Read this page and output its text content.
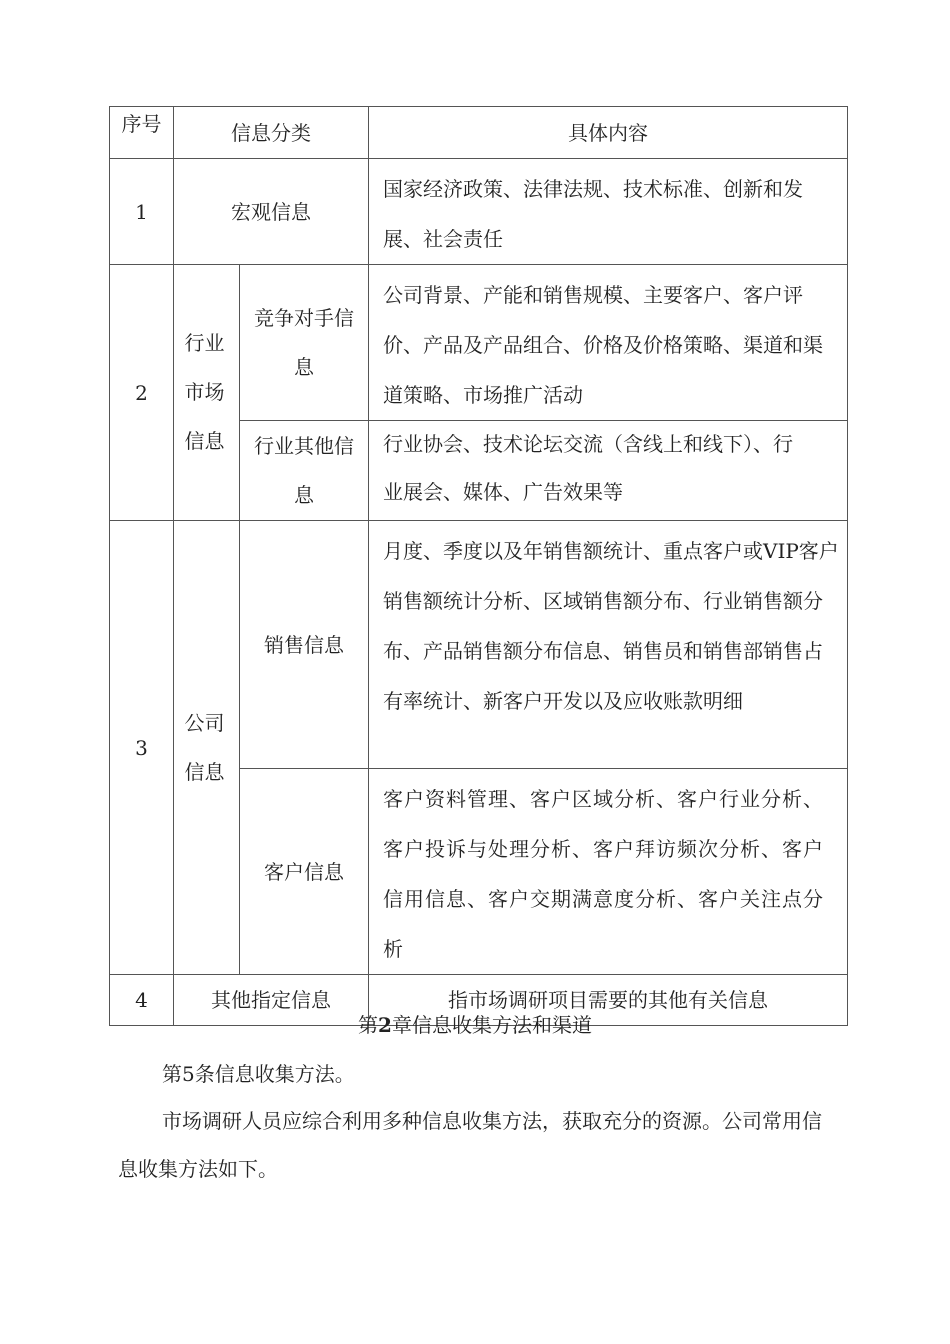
序号	信息分类		具体内容
1	宏观信息		国家经济政策、法律法规、技术标准、创新和发展、社会责任
2	行业市场信息	竞争对手信息	公司背景、产能和销售规模、主要客户、客户评价、产品及产品组合、价格及价格策略、渠道和渠道策略、市场推广活动
		行业其他信息	行业协会、技术论坛交流（含线上和线下）、行
业展会、媒体、广告效果等

3	公司信息	销售信息	月度、季度以及年销售额统计、重点客户或VIP客户销售额统计分析、区域销售额分布、行业销售额分布、产品销售额分布信息、销售员和销售部销售占有率统计、新客户开发以及应收账款明细
		客户信息	客户资料管理、客户区域分析、客户行业分析、客户投诉与处理分析、客户拜访频次分析、客户信用信息、客户交期满意度分析、客户关注点分析
4	其他指定信息		指市场调研项目需要的其他有关信息
第2章信息收集方法和渠道

第5条信息收集方法。

市场调研人员应综合利用多种信息收集方法，获取充分的资源。公司常用信息收集方法如下。
